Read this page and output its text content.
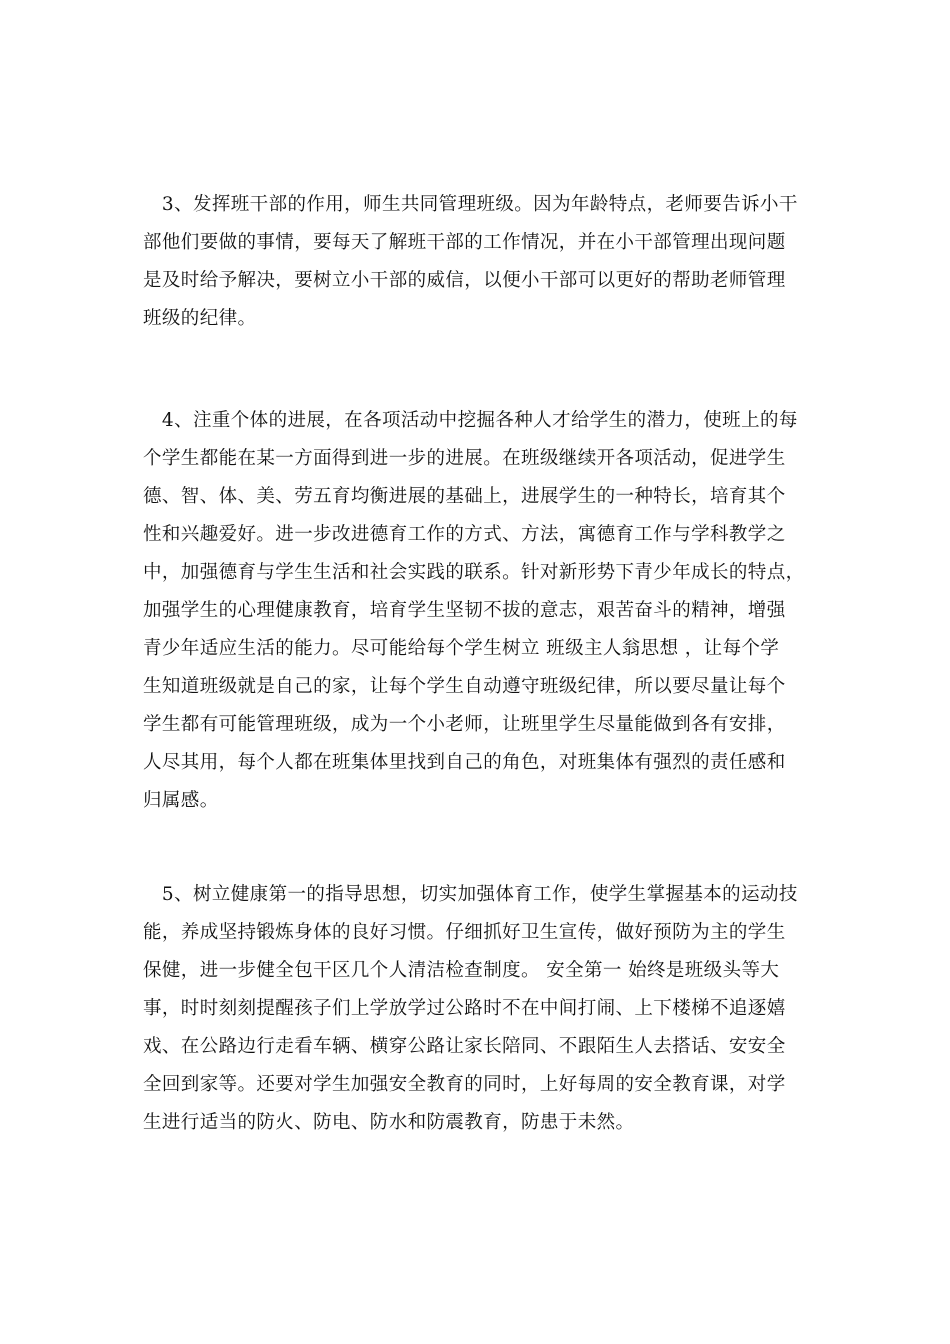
　3、发挥班干部的作用，师生共同管理班级。因为年龄特点，老师要告诉小干
部他们要做的事情，要每天了解班干部的工作情况，并在小干部管理出现问题
是及时给予解决，要树立小干部的威信，以便小干部可以更好的帮助老师管理
班级的纪律。
　4、注重个体的进展，在各项活动中挖掘各种人才给学生的潜力，使班上的每
个学生都能在某一方面得到进一步的进展。在班级继续开各项活动，促进学生
德、智、体、美、劳五育均衡进展的基础上，进展学生的一种特长，培育其个
性和兴趣爱好。进一步改进德育工作的方式、方法，寓德育工作与学科教学之
中，加强德育与学生生活和社会实践的联系。针对新形势下青少年成长的特点，
加强学生的心理健康教育，培育学生坚韧不拔的意志，艰苦奋斗的精神，增强
青少年适应生活的能力。尽可能给每个学生树立 班级主人翁思想 ，让每个学
生知道班级就是自己的家，让每个学生自动遵守班级纪律，所以要尽量让每个
学生都有可能管理班级，成为一个小老师，让班里学生尽量能做到各有安排，
人尽其用，每个人都在班集体里找到自己的角色，对班集体有强烈的责任感和
归属感。
　5、树立健康第一的指导思想，切实加强体育工作，使学生掌握基本的运动技
能，养成坚持锻炼身体的良好习惯。仔细抓好卫生宣传，做好预防为主的学生
保健，进一步健全包干区几个人清洁检查制度。 安全第一 始终是班级头等大
事，时时刻刻提醒孩子们上学放学过公路时不在中间打闹、上下楼梯不追逐嬉
戏、在公路边行走看车辆、横穿公路让家长陪同、不跟陌生人去搭话、安安全
全回到家等。还要对学生加强安全教育的同时，上好每周的安全教育课，对学
生进行适当的防火、防电、防水和防震教育，防患于未然。
